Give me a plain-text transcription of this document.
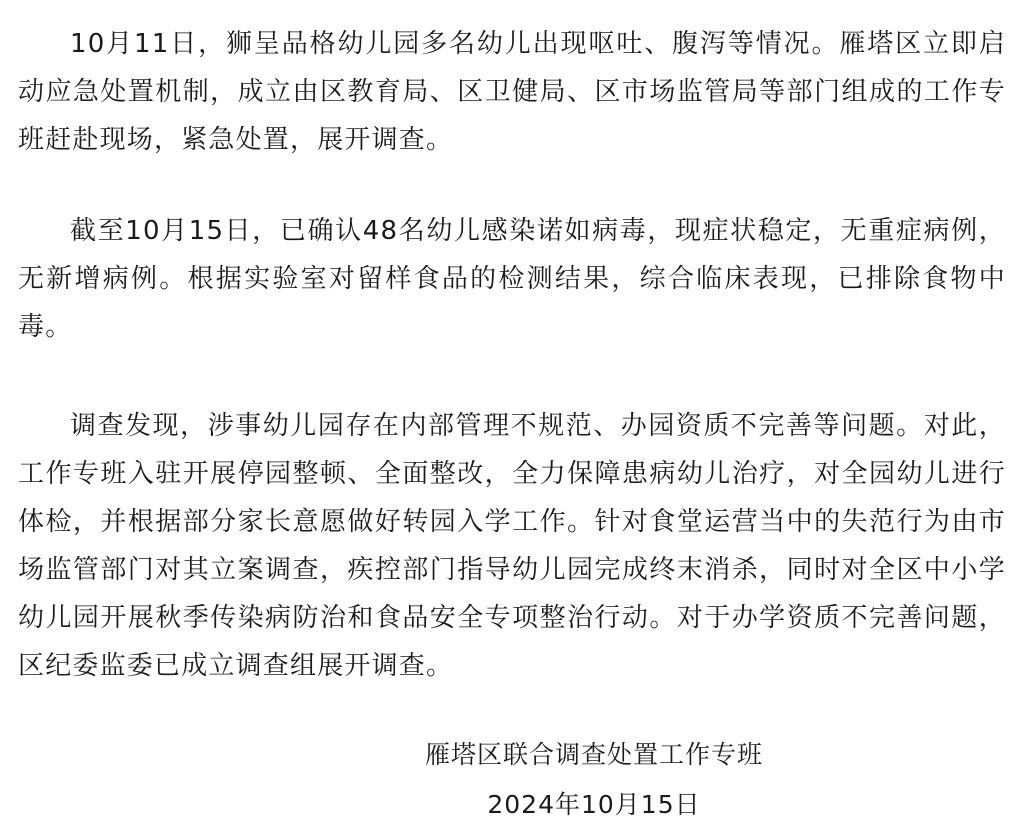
10月11日，狮呈品格幼儿园多名幼儿出现呕吐、腹泻等情况。雁塔区立即启动应急处置机制，成立由区教育局、区卫健局、区市场监管局等部门组成的工作专班赶赴现场，紧急处置，展开调查。

截至10月15日，已确认48名幼儿感染诺如病毒，现症状稳定，无重症病例，无新增病例。根据实验室对留样食品的检测结果，综合临床表现，已排除食物中毒。

调查发现，涉事幼儿园存在内部管理不规范、办园资质不完善等问题。对此，工作专班入驻开展停园整顿、全面整改，全力保障患病幼儿治疗，对全园幼儿进行体检，并根据部分家长意愿做好转园入学工作。针对食堂运营当中的失范行为由市场监管部门对其立案调查，疾控部门指导幼儿园完成终末消杀，同时对全区中小学幼儿园开展秋季传染病防治和食品安全专项整治行动。对于办学资质不完善问题，区纪委监委已成立调查组展开调查。

雁塔区联合调查处置工作专班
2024年10月15日
